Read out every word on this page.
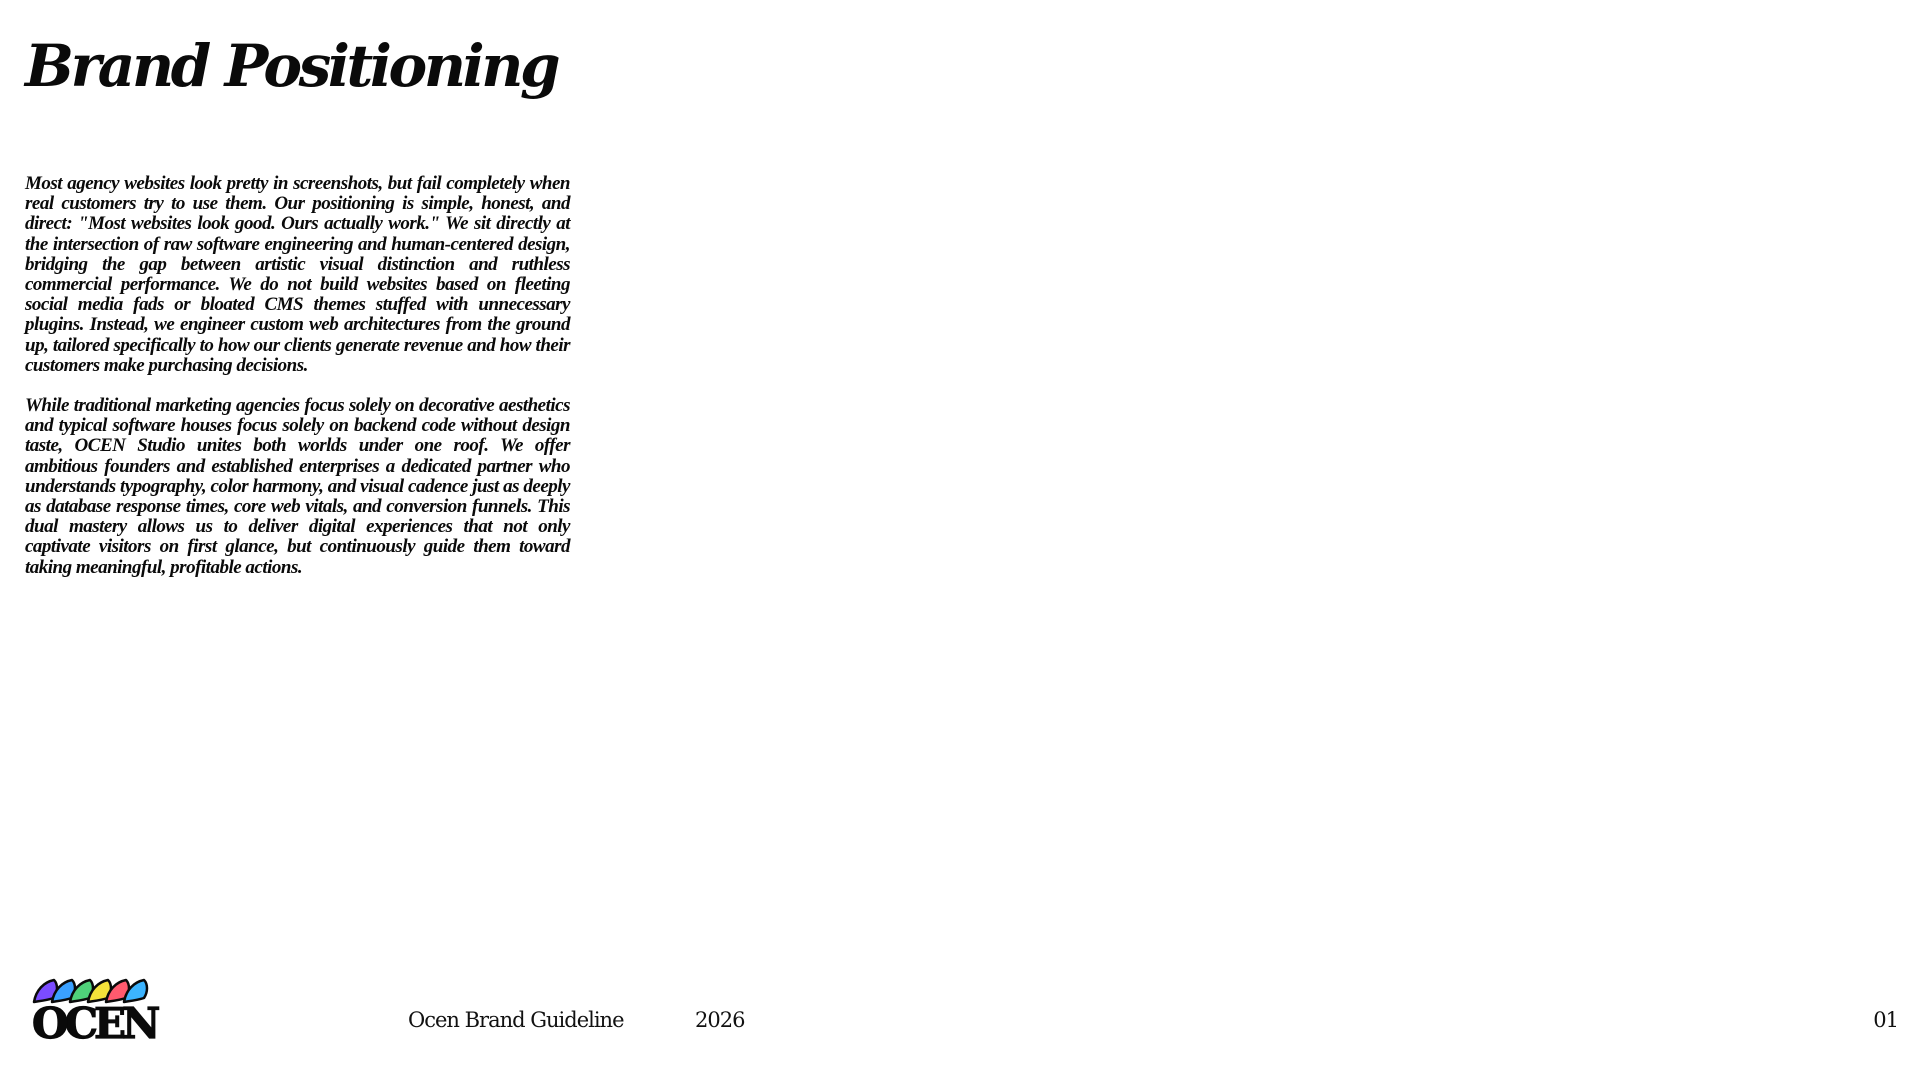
Brand Positioning

Most agency websites look pretty in screenshots, but fail completely when real customers try to use them. Our positioning is simple, honest, and direct: "Most websites look good. Ours actually work." We sit directly at the intersection of raw software engineering and human-centered design, bridging the gap between artistic visual distinction and ruthless commercial performance. We do not build websites based on fleeting social media fads or bloated CMS themes stuffed with unnecessary plugins. Instead, we engineer custom web architectures from the ground up, tailored specifically to how our clients generate revenue and how their customers make purchasing decisions.

While traditional marketing agencies focus solely on decorative aesthetics and typical software houses focus solely on backend code without design taste, OCEN Studio unites both worlds under one roof. We offer ambitious founders and established enterprises a dedicated partner who understands typography, color harmony, and visual cadence just as deeply as database response times, core web vitals, and conversion funnels. This dual mastery allows us to deliver digital experiences that not only captivate visitors on first glance, but continuously guide them toward taking meaningful, profitable actions.

OCEN	Ocen Brand Guideline	2026	01
